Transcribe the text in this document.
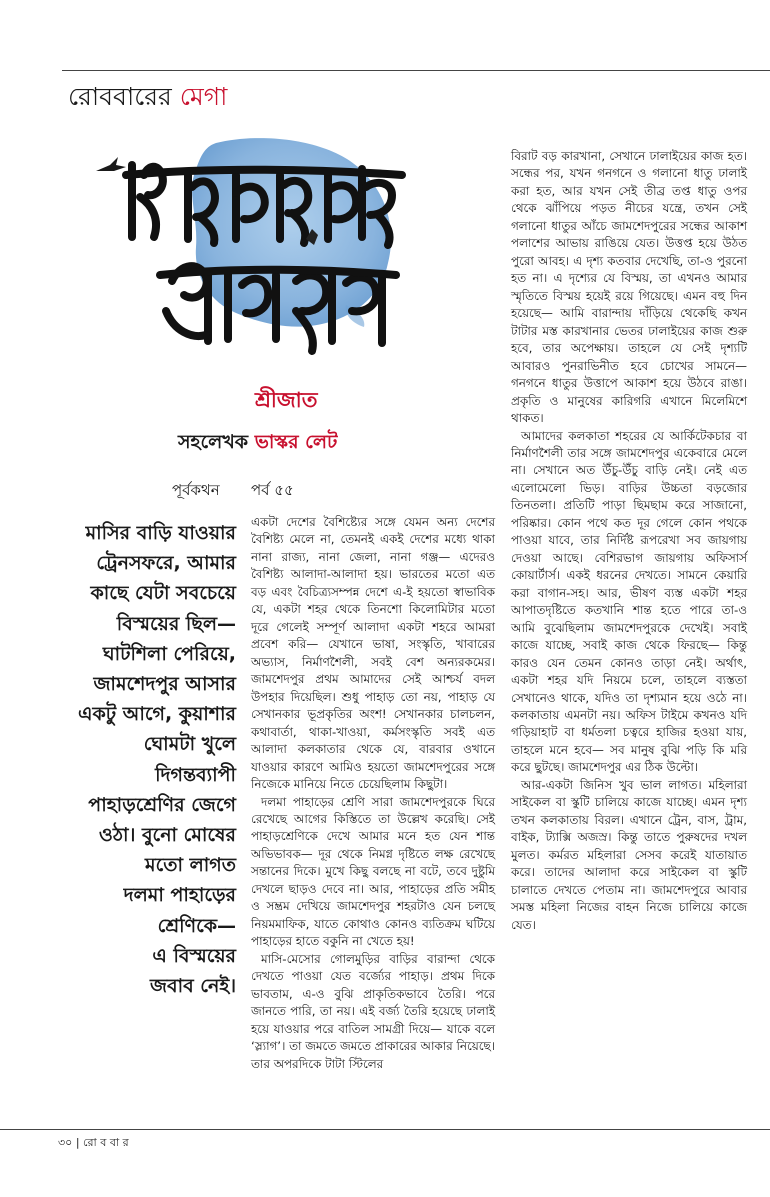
রোববারের মেগা
শ্রীজাত
সহলেখক ভাস্কর লেট
পূর্বকথন পর্ব ৫৫

মাসির বাড়ি যাওয়ার

ট্রেনসফরে, আমার

কাছে যেটা সবচেয়ে

বিস্ময়ের ছিল—

ঘাটশিলা পেরিয়ে,

জামশেদপুর আসার

একটু আগে, কুয়াশার

ঘোমটা খুলে

দিগন্তব্যাপী

পাহাড়শ্রেণির জেগে

ওঠা। বুনো মোষের

মতো লাগত

দলমা পাহাড়ের

শ্রেণিকে—

এ বিস্ময়ের

জবাব নেই।

একটা দেশের বৈশিষ্ট্যের সঙ্গে যেমন অন্য দেশের বৈশিষ্ট্য মেলে না, তেমনই একই দেশের মধ্যে থাকা নানা রাজ্য, নানা জেলা, নানা গঞ্জ— এদেরও বৈশিষ্ট্য আলাদা-আলাদা হয়। ভারতের মতো এত বড় এবং বৈচিত্র্যসম্পন্ন দেশে এ-ই হয়তো স্বাভাবিক যে, একটা শহর থেকে তিনশো কিলোমিটার মতো দূরে গেলেই সম্পূর্ণ আলাদা একটা শহরে আমরা প্রবেশ করি— যেখানে ভাষা, সংস্কৃতি, খাবারের অভ্যাস, নির্মাণশৈলী, সবই বেশ অন্যরকমের। জামশেদপুর প্রথম আমাদের সেই আশ্চর্য বদল উপহার দিয়েছিল। শুধু পাহাড় তো নয়, পাহাড় যে সেখানকার ভূপ্রকৃতির অংশ! সেখানকার চালচলন, কথাবার্তা, থাকা-খাওয়া, কর্মসংস্কৃতি সবই এত আলাদা কলকাতার থেকে যে, বারবার ওখানে যাওয়ার কারণে আমিও হয়তো জামশেদপুরের সঙ্গে নিজেকে মানিয়ে নিতে চেয়েছিলাম কিছুটা।

দলমা পাহাড়ের শ্রেণি সারা জামশেদপুরকে ঘিরে রেখেছে আগের কিস্তিতে তা উল্লেখ করেছি। সেই পাহাড়শ্রেণিকে দেখে আমার মনে হত যেন শান্ত অভিভাবক— দূর থেকে নিমগ্ন দৃষ্টিতে লক্ষ রেখেছে সন্তানের দিকে। মুখে কিছু বলছে না বটে, তবে দুষ্টুমি দেখলে ছাড়ও দেবে না। আর, পাহাড়ের প্রতি সমীহ ও সম্ভ্রম দেখিয়ে জামশেদপুর শহরটাও যেন চলছে নিয়মমাফিক, যাতে কোথাও কোনও ব্যতিক্রম ঘটিয়ে পাহাড়ের হাতে বকুনি না খেতে হয়!

মাসি-মেসোর গোলমুড়ির বাড়ির বারান্দা থেকে দেখতে পাওয়া যেত বর্জ্যের পাহাড়। প্রথম দিকে ভাবতাম, এ-ও বুঝি প্রাকৃতিকভাবে তৈরি। পরে জানতে পারি, তা নয়। এই বর্জ্য তৈরি হয়েছে ঢালাই হয়ে যাওয়ার পরে বাতিল সামগ্রী দিয়ে— যাকে বলে ‘স্ল্যাগ’। তা জমতে জমতে প্রাকারের আকার নিয়েছে। তার অপরদিকে টাটা স্টিলের

বিরাট বড় কারখানা, সেখানে ঢালাইয়ের কাজ হত। সন্ধের পর, যখন গনগনে ও গলানো ধাতু ঢালাই করা হত, আর যখন সেই তীব্র তপ্ত ধাতু ওপর থেকে ঝাঁপিয়ে পড়ত নীচের যন্ত্রে, তখন সেই গলানো ধাতুর আঁচে জামশেদপুরের সন্ধের আকাশ পলাশের আভায় রাঙিয়ে যেত। উত্তপ্ত হয়ে উঠত পুরো আবহ। এ দৃশ্য কতবার দেখেছি, তা-ও পুরনো হত না। এ দৃশ্যের যে বিস্ময়, তা এখনও আমার স্মৃতিতে বিস্ময় হয়েই রয়ে গিয়েছে। এমন বহু দিন হয়েছে— আমি বারান্দায় দাঁড়িয়ে থেকেছি কখন টাটার মস্ত কারখানার ভেতর ঢালাইয়ের কাজ শুরু হবে, তার অপেক্ষায়। তাহলে যে সেই দৃশ্যটি আবারও পুনরাভিনীত হবে চোখের সামনে— গনগনে ধাতুর উত্তাপে আকাশ হয়ে উঠবে রাঙা। প্রকৃতি ও মানুষের কারিগরি এখানে মিলেমিশে থাকত।

আমাদের কলকাতা শহরের যে আর্কিটেকচার বা নির্মাণশৈলী তার সঙ্গে জামশেদপুর একেবারে মেলে না। সেখানে অত উঁচু-উঁচু বাড়ি নেই। নেই এত এলোমেলো ভিড়। বাড়ির উচ্চতা বড়জোর তিনতলা। প্রতিটি পাড়া ছিমছাম করে সাজানো, পরিষ্কার। কোন পথে কত দূর গেলে কোন পথকে পাওয়া যাবে, তার নির্দিষ্ট রূপরেখা সব জায়গায় দেওয়া আছে। বেশিরভাগ জায়গায় অফিসার্স কোয়ার্টার্স। একই ধরনের দেখতে। সামনে কেয়ারি করা বাগান-সহ। আর, ভীষণ ব্যস্ত একটা শহর আপাতদৃষ্টিতে কতখানি শান্ত হতে পারে তা-ও আমি বুঝেছিলাম জামশেদপুরকে দেখেই। সবাই কাজে যাচ্ছে, সবাই কাজ থেকে ফিরছে— কিন্তু কারও যেন তেমন কোনও তাড়া নেই। অর্থাৎ, একটা শহর যদি নিয়মে চলে, তাহলে ব্যস্ততা সেখানেও থাকে, যদিও তা দৃশ্যমান হয়ে ওঠে না। কলকাতায় এমনটা নয়। অফিস টাইমে কখনও যদি গড়িয়াহাট বা ধর্মতলা চত্বরে হাজির হওয়া যায়, তাহলে মনে হবে— সব মানুষ বুঝি পড়ি কি মরি করে ছুটছে। জামশেদপুর এর ঠিক উল্টো।

আর-একটা জিনিস খুব ভাল লাগত। মহিলারা সাইকেল বা স্কুটি চালিয়ে কাজে যাচ্ছে। এমন দৃশ্য তখন কলকাতায় বিরল। এখানে ট্রেন, বাস, ট্রাম, বাইক, ট্যাক্সি অজস্র। কিন্তু তাতে পুরুষদের দখল মুলত। কর্মরত মহিলারা সেসব করেই যাতায়াত করে। তাদের আলাদা করে সাইকেল বা স্কুটি চালাতে দেখতে পেতাম না। জামশেদপুরে আবার সমস্ত মহিলা নিজের বাহন নিজে চালিয়ে কাজে যেত।

৩০ | রো ব বা র
